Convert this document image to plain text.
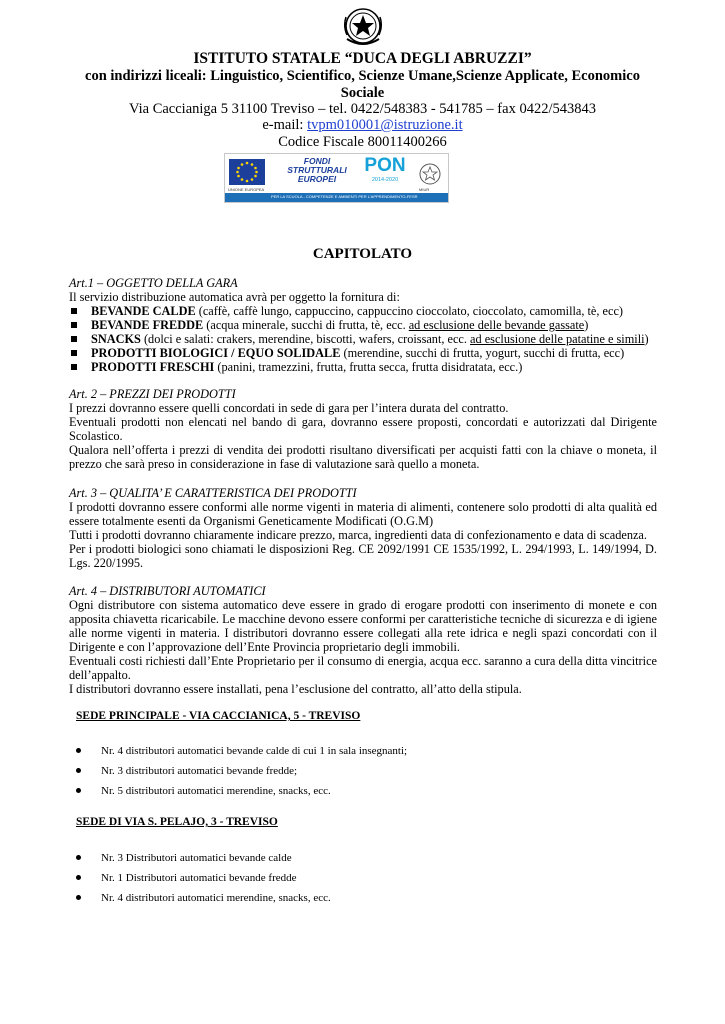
ISTITUTO STATALE “DUCA DEGLI ABRUZZI”
con indirizzi liceali: Linguistico, Scientifico, Scienze Umane,Scienze Applicate, Economico
Sociale
Via Caccianiga 5 31100 Treviso – tel. 0422/548383 - 541785 – fax 0422/543843
e-mail: tvpm010001@istruzione.it
Codice Fiscale 80011400266
UNIONE EUROPEA
FONDI
STRUTTURALI
EUROPEI
PON
2014-2020
MIUR
PER LA SCUOLA - COMPETENZE E AMBIENTI PER L'APPRENDIMENTO-FESR
CAPITOLATO
Art.1 – OGGETTO DELLA GARA
Il servizio distribuzione automatica avrà per oggetto la fornitura di:
BEVANDE CALDE (caffè, caffè lungo, cappuccino, cappuccino cioccolato, cioccolato, camomilla, tè, ecc)
BEVANDE FREDDE (acqua minerale, succhi di frutta, tè, ecc. ad esclusione delle bevande gassate)
SNACKS (dolci e salati: crakers, merendine, biscotti, wafers, croissant, ecc. ad esclusione delle patatine e simili)
PRODOTTI BIOLOGICI / EQUO SOLIDALE (merendine, succhi di frutta, yogurt, succhi di frutta, ecc)
PRODOTTI FRESCHI (panini, tramezzini, frutta, frutta secca, frutta disidratata, ecc.)
Art. 2 – PREZZI DEI PRODOTTI
I prezzi dovranno essere quelli concordati in sede di gara per l’intera durata del contratto.
Eventuali prodotti non elencati nel bando di gara, dovranno essere proposti, concordati e autorizzati dal Dirigente Scolastico.
Qualora nell’offerta i prezzi di vendita dei prodotti risultano diversificati per acquisti fatti con la chiave o moneta, il prezzo che sarà preso in considerazione in fase di valutazione sarà quello a moneta.
Art. 3 – QUALITA’ E CARATTERISTICA DEI PRODOTTI
I prodotti dovranno essere conformi alle norme vigenti in materia di alimenti, contenere solo prodotti di alta qualità ed essere totalmente esenti da Organismi Geneticamente Modificati (O.G.M)
Tutti i prodotti dovranno chiaramente indicare prezzo, marca, ingredienti data di confezionamento e data di scadenza.
Per i prodotti biologici sono chiamati le disposizioni Reg. CE 2092/1991 CE 1535/1992, L. 294/1993, L. 149/1994, D. Lgs. 220/1995.
Art. 4 – DISTRIBUTORI AUTOMATICI
Ogni distributore con sistema automatico deve essere in grado di erogare prodotti con inserimento di monete e con apposita chiavetta ricaricabile. Le macchine devono essere conformi per caratteristiche tecniche di sicurezza e di igiene alle norme vigenti in materia. I distributori dovranno essere collegati alla rete idrica e negli spazi concordati con il Dirigente e con l’approvazione dell’Ente Provincia proprietario degli immobili.
Eventuali costi richiesti dall’Ente Proprietario per il consumo di energia, acqua ecc. saranno a cura della ditta vincitrice dell’appalto.
I distributori dovranno essere installati, pena l’esclusione del contratto, all’atto della stipula.
SEDE PRINCIPALE - VIA CACCIANICA, 5 - TREVISO
Nr. 4 distributori automatici bevande calde di cui 1 in sala insegnanti;
Nr. 3 distributori automatici bevande fredde;
Nr. 5 distributori automatici merendine, snacks, ecc.
SEDE DI VIA S. PELAJO, 3 - TREVISO
Nr. 3 Distributori automatici bevande calde
Nr. 1 Distributori automatici bevande fredde
Nr. 4 distributori automatici merendine, snacks, ecc.
